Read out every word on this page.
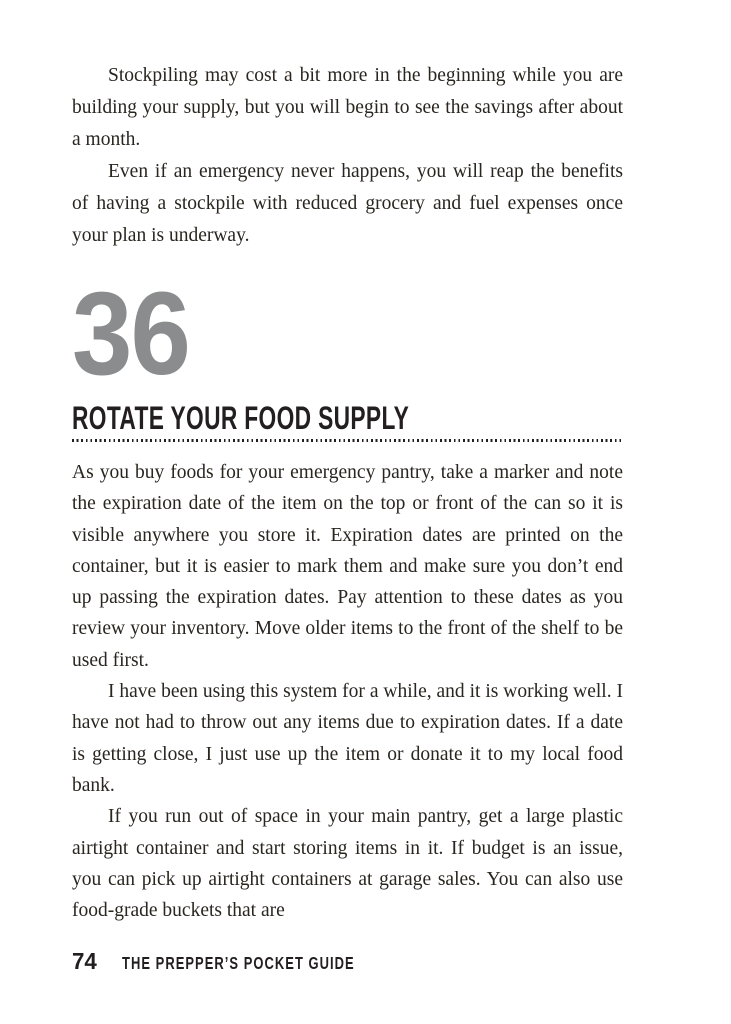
Stockpiling may cost a bit more in the beginning while you are building your supply, but you will begin to see the savings after about a month.

Even if an emergency never happens, you will reap the benefits of having a stockpile with reduced grocery and fuel expenses once your plan is underway.

36
ROTATE YOUR FOOD SUPPLY

As you buy foods for your emergency pantry, take a marker and note the expiration date of the item on the top or front of the can so it is visible anywhere you store it. Expiration dates are printed on the container, but it is easier to mark them and make sure you don’t end up passing the expiration dates. Pay attention to these dates as you review your inventory. Move older items to the front of the shelf to be used first.

I have been using this system for a while, and it is working well. I have not had to throw out any items due to expiration dates. If a date is getting close, I just use up the item or donate it to my local food bank.

If you run out of space in your main pantry, get a large plastic airtight container and start storing items in it. If budget is an issue, you can pick up airtight containers at garage sales. You can also use food-grade buckets that are

74 THE PREPPER’S POCKET GUIDE
